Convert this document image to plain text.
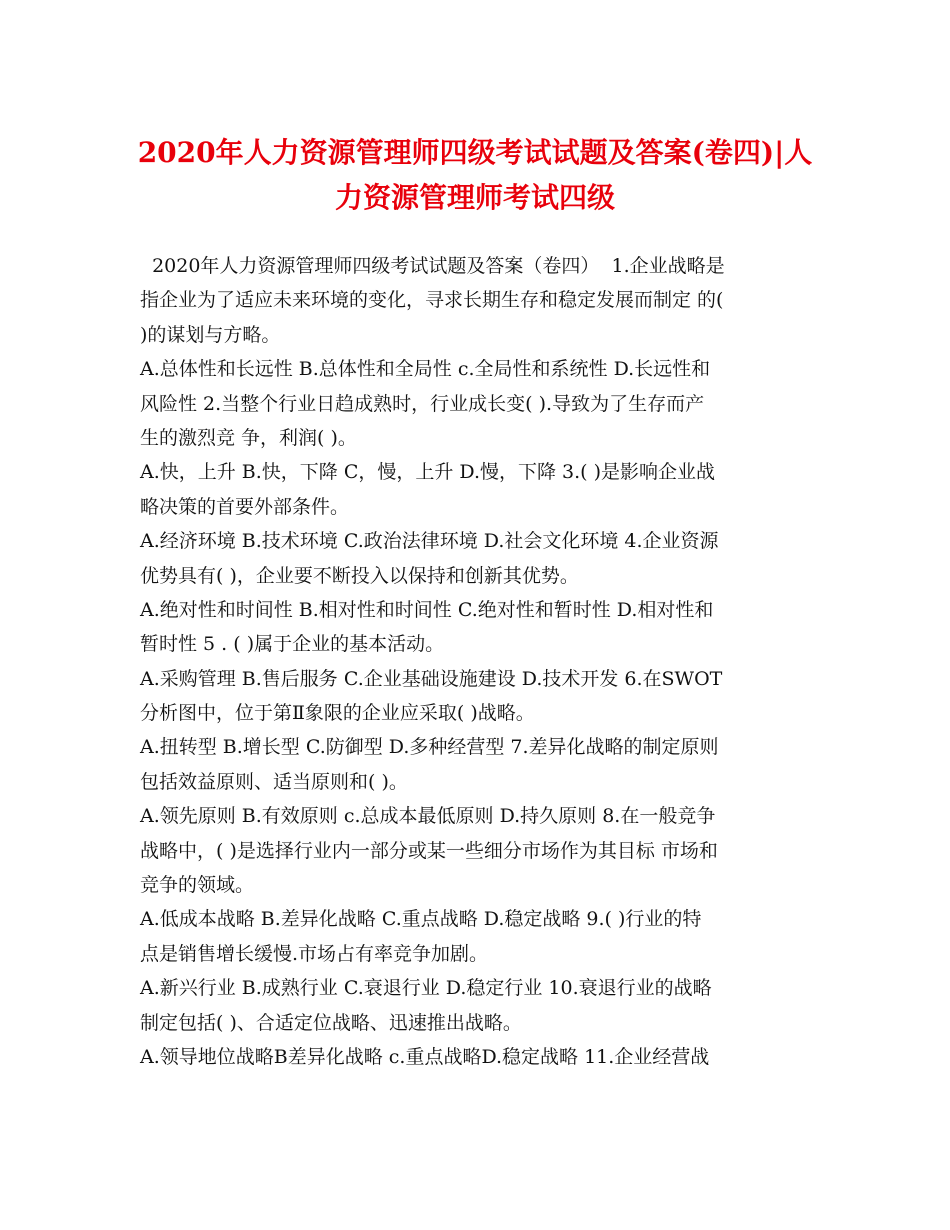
2020年人力资源管理师四级考试试题及答案(卷四)|人
力资源管理师考试四级
2020年人力资源管理师四级考试试题及答案（卷四）  1.企业战略是
指企业为了适应未来环境的变化，寻求长期生存和稳定发展而制定 的(
)的谋划与方略。
A.总体性和长远性 B.总体性和全局性 c.全局性和系统性 D.长远性和
风险性 2.当整个行业日趋成熟时，行业成长变( ).导致为了生存而产
生的激烈竞 争，利润( )。
A.快，上升 B.快，下降 C，慢，上升 D.慢，下降 3.( )是影响企业战
略决策的首要外部条件。
A.经济环境 B.技术环境 C.政治法律环境 D.社会文化环境 4.企业资源
优势具有( )，企业要不断投入以保持和创新其优势。
A.绝对性和时间性 B.相对性和时间性 C.绝对性和暂时性 D.相对性和
暂时性 5 . ( )属于企业的基本活动。
A.采购管理 B.售后服务 C.企业基础设施建设 D.技术开发 6.在SWOT
分析图中，位于第Ⅱ象限的企业应采取( )战略。
A.扭转型 B.增长型 C.防御型 D.多种经营型 7.差异化战略的制定原则
包括效益原则、适当原则和( )。
A.领先原则 B.有效原则 c.总成本最低原则 D.持久原则 8.在一般竞争
战略中，( )是选择行业内一部分或某一些细分市场作为其目标 市场和
竞争的领域。
A.低成本战略 B.差异化战略 C.重点战略 D.稳定战略 9.( )行业的特
点是销售增长缓慢.市场占有率竞争加剧。
A.新兴行业 B.成熟行业 C.衰退行业 D.稳定行业 10.衰退行业的战略
制定包括( )、合适定位战略、迅速推出战略。
A.领导地位战略B差异化战略 c.重点战略D.稳定战略 11.企业经营战
